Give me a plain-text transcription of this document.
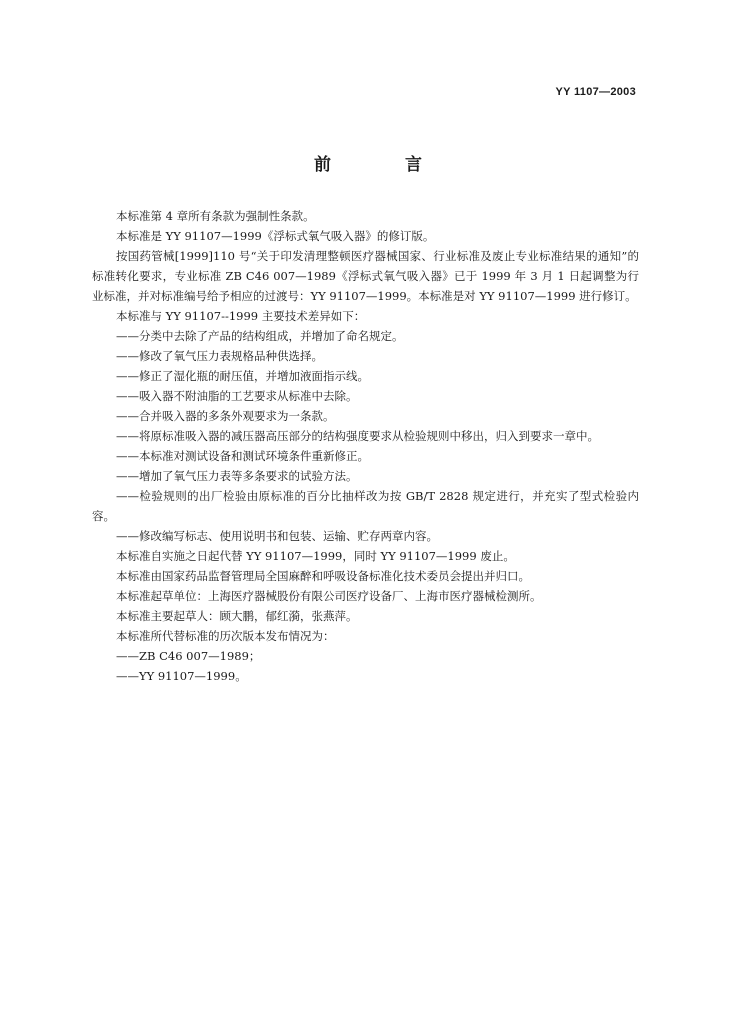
YY 1107—2003
前 言

本标准第 4 章所有条款为强制性条款。

本标准是 YY 91107—1999《浮标式氧气吸入器》的修订版。

按国药管械[1999]110 号“关于印发清理整顿医疗器械国家、行业标准及废止专业标准结果的通知”的标准转化要求，专业标准 ZB C46 007—1989《浮标式氧气吸入器》已于 1999 年 3 月 1 日起调整为行业标准，并对标准编号给予相应的过渡号：YY 91107—1999。本标准是对 YY 91107—1999 进行修订。

本标准与 YY 91107--1999 主要技术差异如下：

——分类中去除了产品的结构组成，并增加了命名规定。

——修改了氧气压力表规格品种供选择。

——修正了湿化瓶的耐压值，并增加液面指示线。

——吸入器不附油脂的工艺要求从标准中去除。

——合并吸入器的多条外观要求为一条款。

——将原标准吸入器的减压器高压部分的结构强度要求从检验规则中移出，归入到要求一章中。

——本标准对测试设备和测试环境条件重新修正。

——增加了氧气压力表等多条要求的试验方法。

——检验规则的出厂检验由原标准的百分比抽样改为按 GB/T 2828 规定进行，并充实了型式检验内容。

——修改编写标志、使用说明书和包装、运输、贮存两章内容。

本标准自实施之日起代替 YY 91107—1999，同时 YY 91107—1999 废止。

本标准由国家药品监督管理局全国麻醉和呼吸设备标准化技术委员会提出并归口。

本标准起草单位：上海医疗器械股份有限公司医疗设备厂、上海市医疗器械检测所。

本标准主要起草人：顾大鹏，郁红漪，张燕萍。

本标准所代替标准的历次版本发布情况为：

——ZB C46 007—1989；

——YY 91107—1999。
